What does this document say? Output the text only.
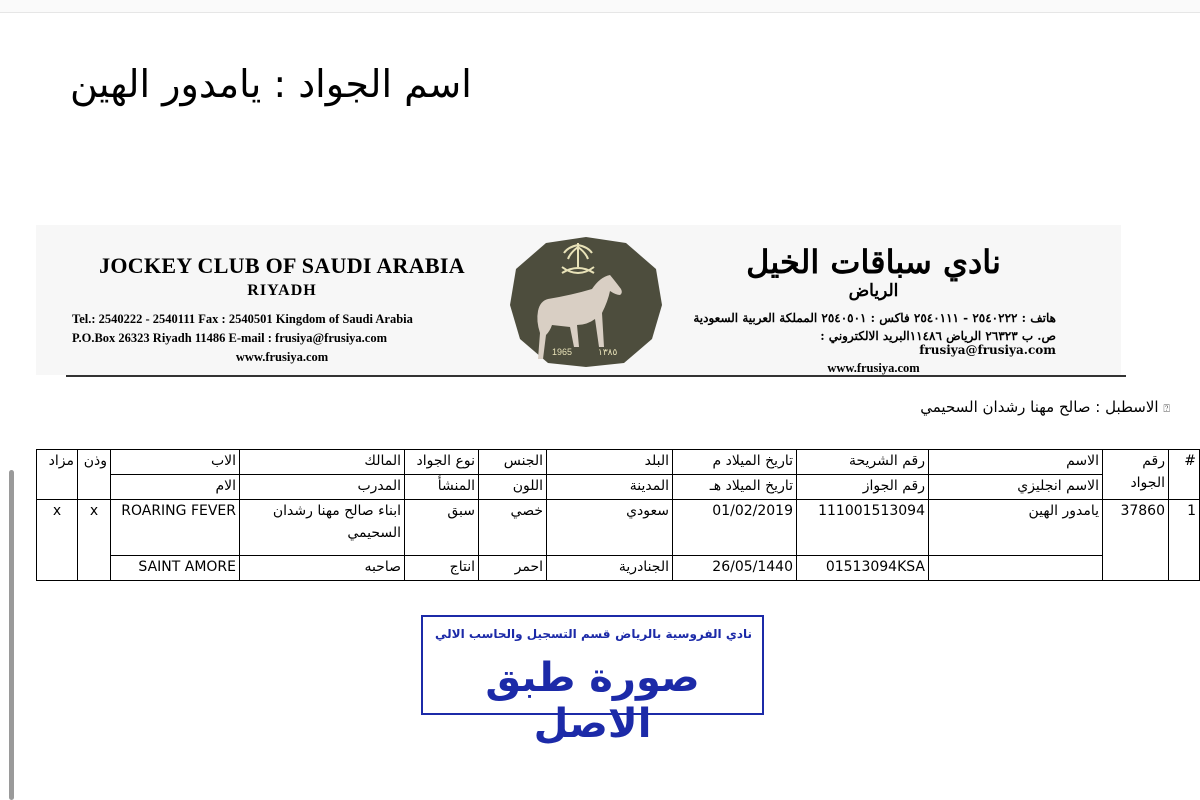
اسم الجواد : يامدور الهين
JOCKEY CLUB OF SAUDI ARABIA
RIYADH
Tel.: 2540222 - 2540111 Fax : 2540501 Kingdom of Saudi Arabia
P.O.Box 26323 Riyadh 11486 E-mail : frusiya@frusiya.com
www.frusiya.com	1965	١٣٨٥
نادي سباقات الخيل
الرياض
هاتف : ٢٥٤٠٢٢٢ - ٢٥٤٠١١١ فاكس : ٢٥٤٠٥٠١ المملكة العربية السعودية
ص. ب ٢٦٣٢٣ الرياض ١١٤٨٦البريد الالكتروني : frusiya@frusiya.com
www.frusiya.com
⍰ الاسطبل : صالح مهنا رشدان السحيمي
#	رقم الجواد	الاسم	رقم الشريحة	تاريخ الميلاد م	البلد	الجنس	نوع الجواد	المالك	الاب	وذن	مزاد
		الاسم انجليزي	رقم الجواز	تاريخ الميلاد هـ	المدينة	اللون	المنشأ	المدرب	الام		
1	37860	يامدور الهين	111001513094	01/02/2019	سعودي	خصي	سبق	ابناء صالح مهنا رشدان السحيمي	ROARING FEVER	x	x
			01513094KSA	26/05/1440	الجنادرية	احمر	انتاج	صاحبه	SAINT AMORE		
نادي الفروسية بالرياض
قسم التسجيل والحاسب الالي
صورة طبق الاصل
